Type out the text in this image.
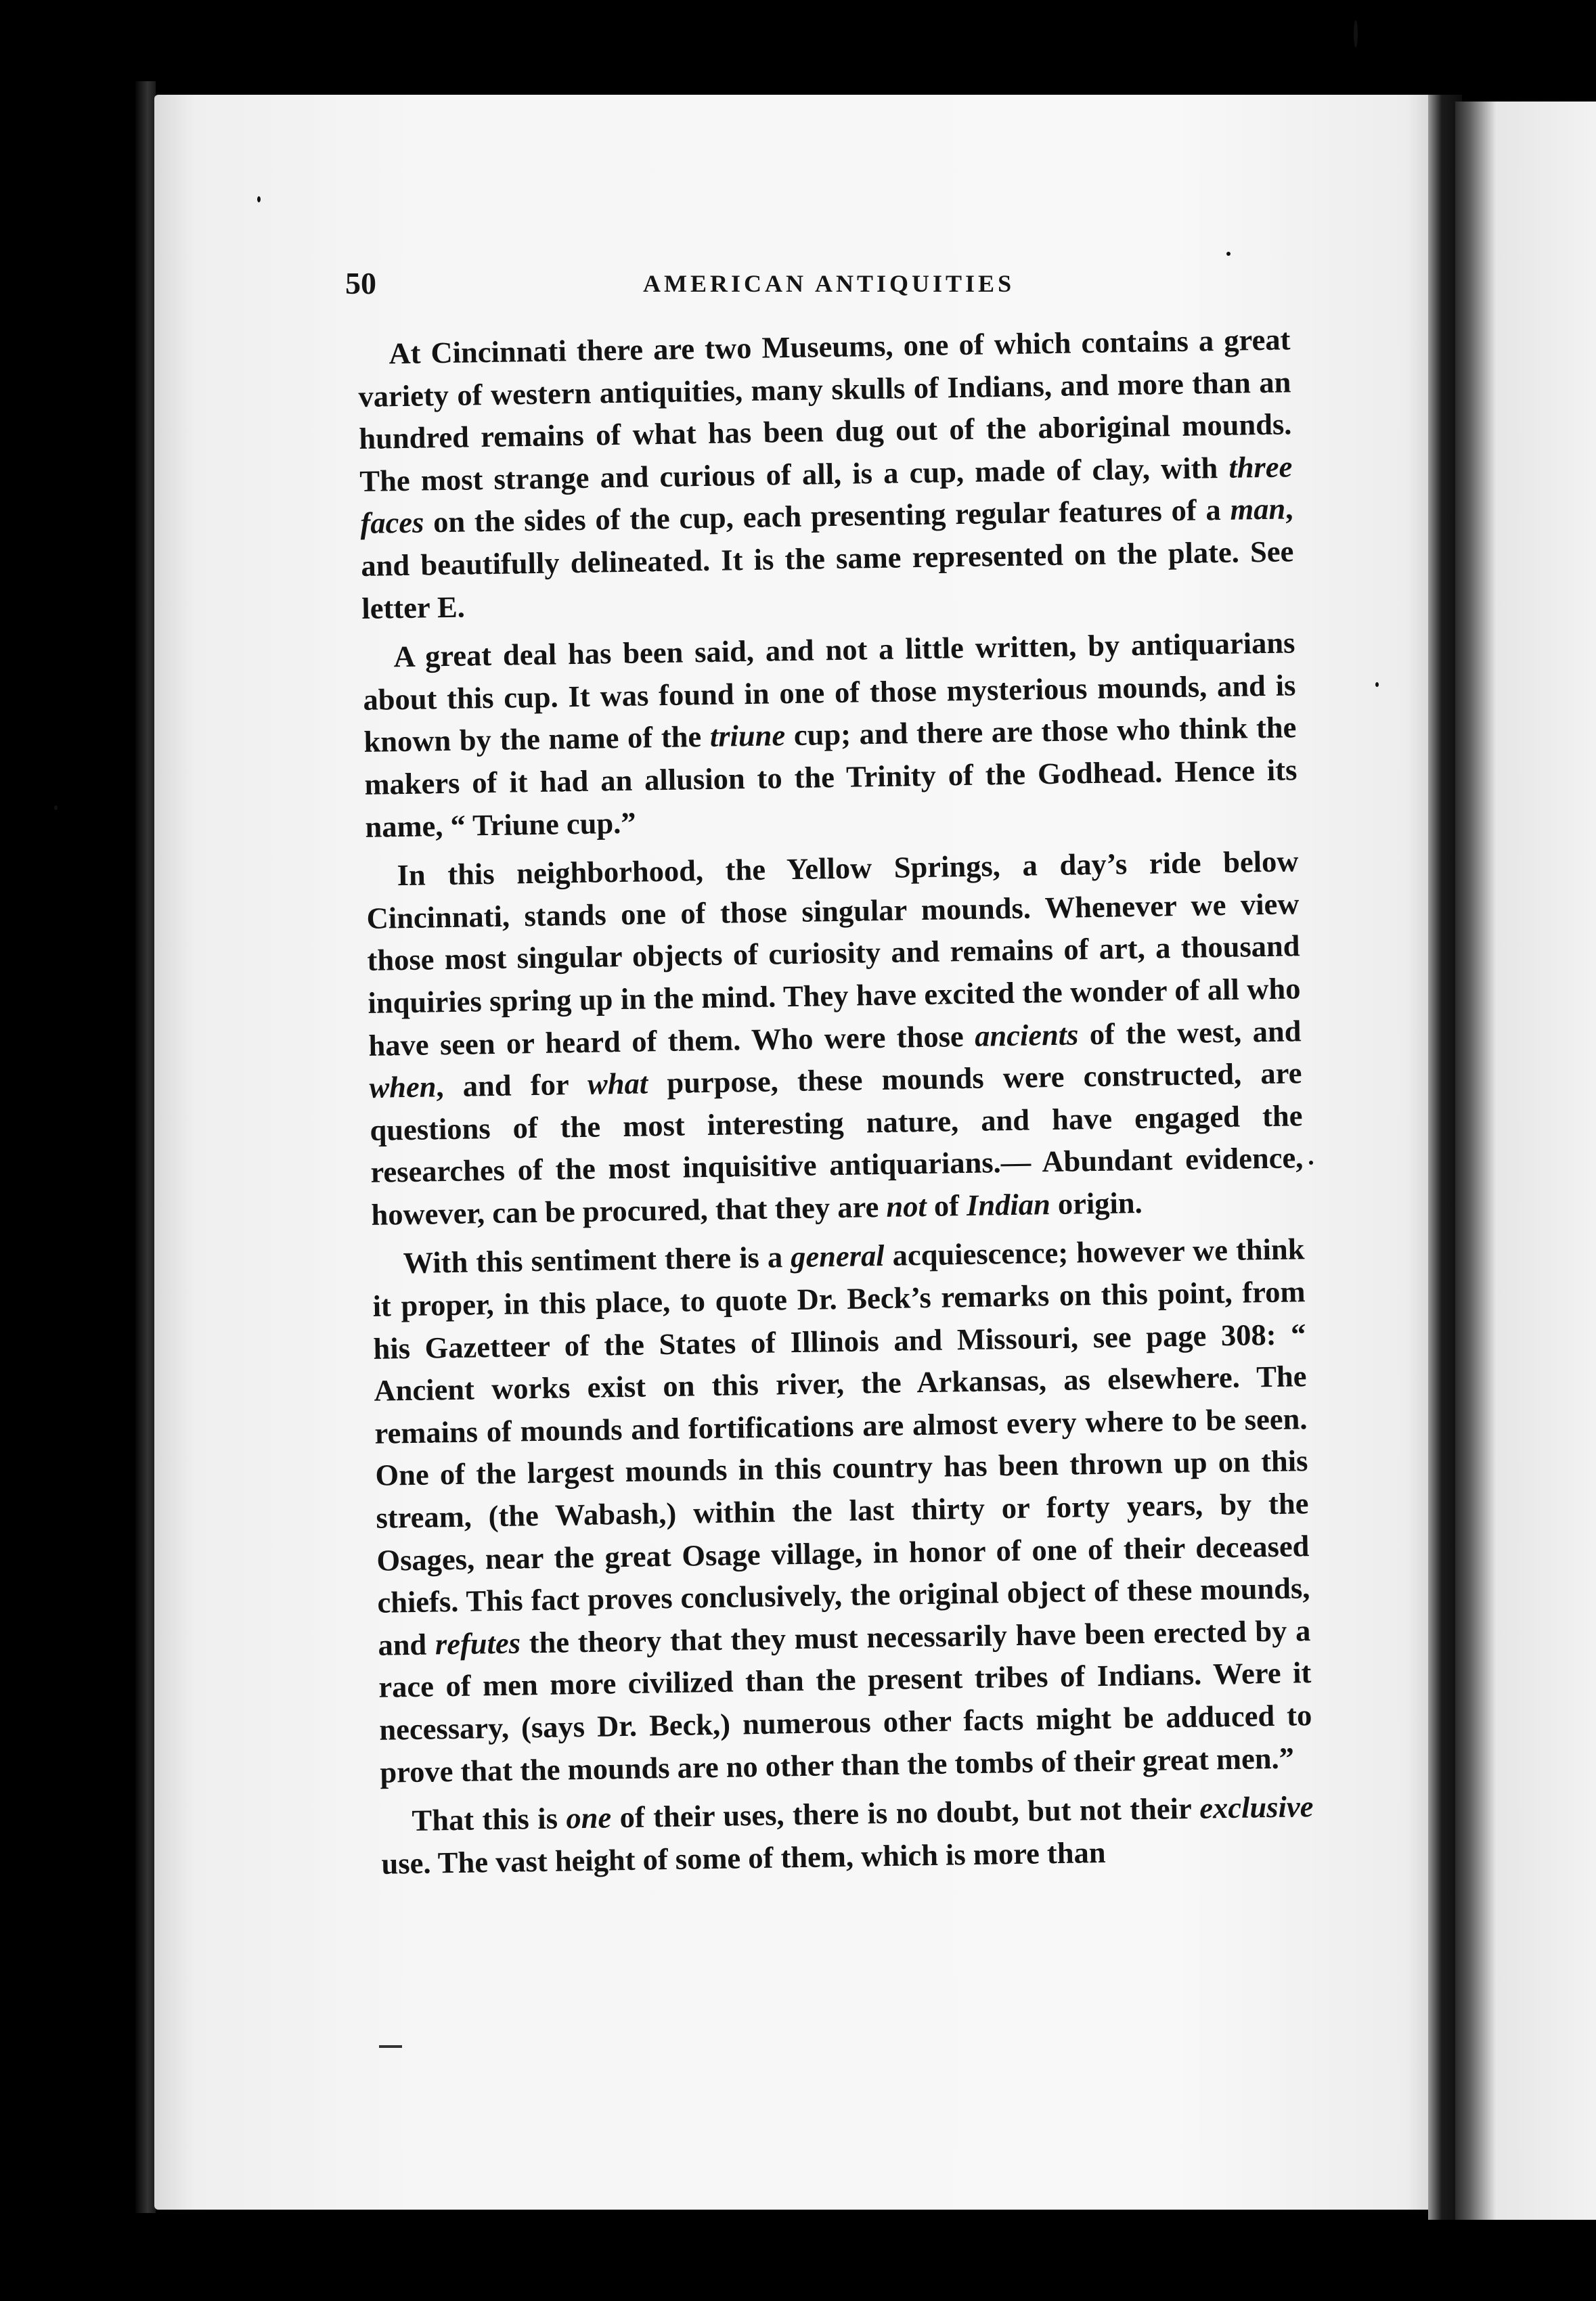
50	AMERICAN ANTIQUITIES

At Cincinnati there are two Museums, one of which contains a great variety of western antiquities, many skulls of Indians, and more than an hundred remains of what has been dug out of the aboriginal mounds. The most strange and curious of all, is a cup, made of clay, with three faces on the sides of the cup, each presenting regular features of a man, and beautifully delineated. It is the same represented on the plate. See letter E.

A great deal has been said, and not a little written, by antiquarians about this cup. It was found in one of those mysterious mounds, and is known by the name of the triune cup; and there are those who think the makers of it had an allusion to the Trinity of the Godhead. Hence its name, “ Triune cup.”

In this neighborhood, the Yellow Springs, a day’s ride below Cincinnati, stands one of those singular mounds. Whenever we view those most singular objects of curiosity and remains of art, a thousand inquiries spring up in the mind. They have excited the wonder of all who have seen or heard of them. Who were those ancients of the west, and when, and for what purpose, these mounds were constructed, are questions of the most interesting nature, and have engaged the researches of the most inquisitive antiquarians.— Abundant evidence, however, can be procured, that they are not of Indian origin.

With this sentiment there is a general acquiescence; however we think it proper, in this place, to quote Dr. Beck’s remarks on this point, from his Gazetteer of the States of Illinois and Missouri, see page 308: “ Ancient works exist on this river, the Arkansas, as elsewhere. The remains of mounds and fortifications are almost every where to be seen. One of the largest mounds in this country has been thrown up on this stream, (the Wabash,) within the last thirty or forty years, by the Osages, near the great Osage village, in honor of one of their deceased chiefs. This fact proves conclusively, the original object of these mounds, and refutes the theory that they must necessarily have been erected by a race of men more civilized than the present tribes of Indians. Were it necessary, (says Dr. Beck,) numerous other facts might be adduced to prove that the mounds are no other than the tombs of their great men.”

That this is one of their uses, there is no doubt, but not their exclusive use. The vast height of some of them, which is more than
